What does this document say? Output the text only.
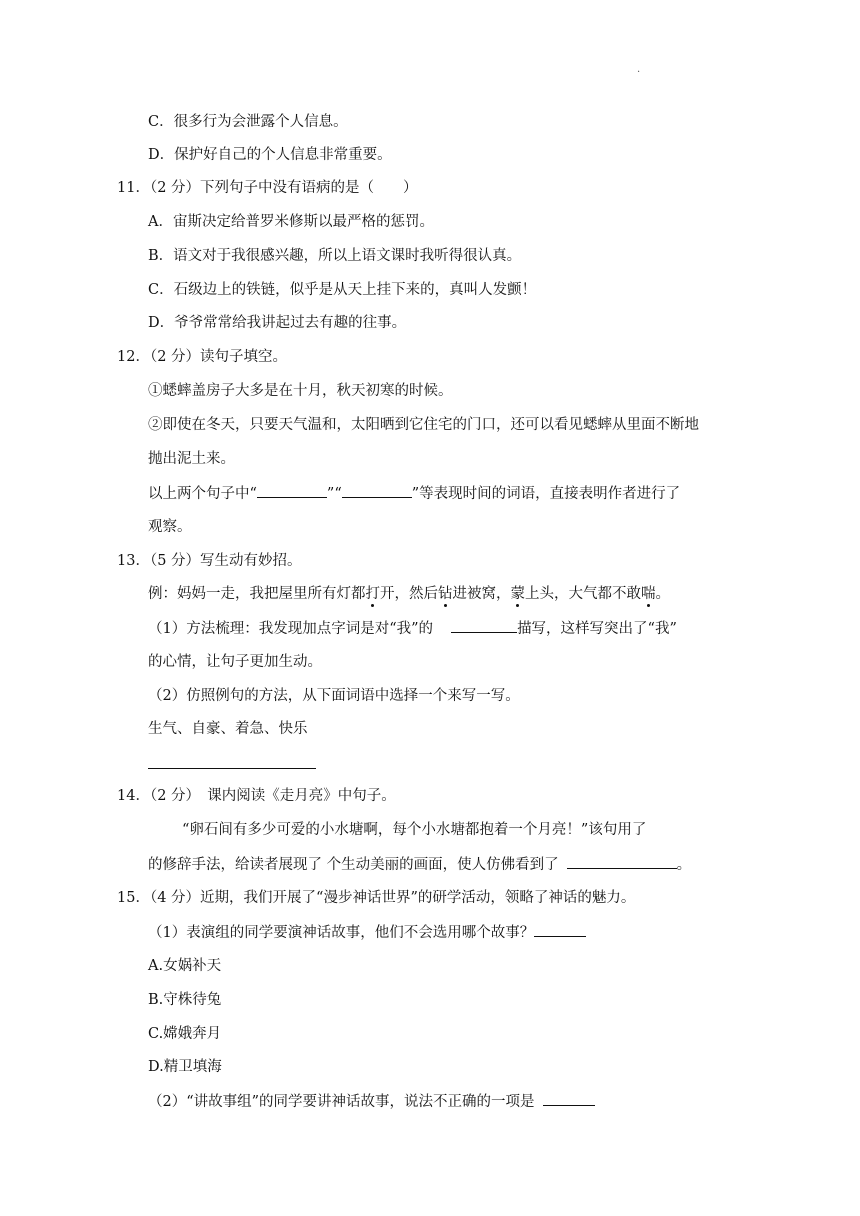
.
C．很多行为会泄露个人信息。
D．保护好自己的个人信息非常重要。
11．（2 分）下列句子中没有语病的是（　　）
A．宙斯决定给普罗米修斯以最严格的惩罚。
B．语文对于我很感兴趣，所以上语文课时我听得很认真。
C．石级边上的铁链，似乎是从天上挂下来的，真叫人发颤！
D．爷爷常常给我讲起过去有趣的往事。
12．（2 分）读句子填空。
①蟋蟀盖房子大多是在十月，秋天初寒的时候。
②即使在冬天，只要天气温和，太阳晒到它住宅的门口，还可以看见蟋蟀从里面不断地
抛出泥土来。
以上两个句子中“	”“	”等表现时间的词语，直接表明作者进行了
观察。
13．（5 分）写生动有妙招。
例：妈妈一走，我把屋里所有灯都打开，然后钻进被窝，蒙上头，大气都不敢喘。
（1）方法梳理：我发现加点字词是对“我”的	描写，这样写突出了“我”
的心情，让句子更加生动。
（2）仿照例句的方法，从下面词语中选择一个来写一写。
生气、自豪、着急、快乐
14．（2 分）　课内阅读《走月亮》中句子。
“卵石间有多少可爱的小水塘啊，每个小水塘都抱着一个月亮！”该句用了
的修辞手法，给读者展现了 个生动美丽的画面，使人仿佛看到了	。
15．（4 分）近期，我们开展了“漫步神话世界”的研学活动，领略了神话的魅力。
（1）表演组的同学要演神话故事，他们不会选用哪个故事？
A.女娲补天
B.守株待兔
C.嫦娥奔月
D.精卫填海
（2）“讲故事组”的同学要讲神话故事，说法不正确的一项是
